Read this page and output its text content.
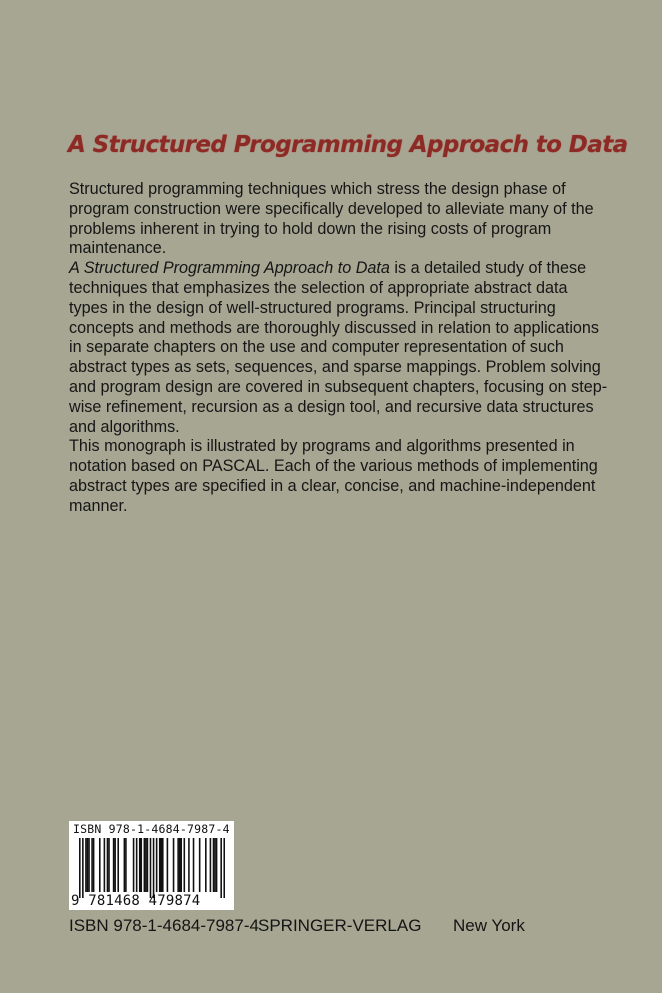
A Structured Programming Approach to Data

Structured programming techniques which stress the design phase of program construction were specifically developed to alleviate many of the problems inherent in trying to hold down the rising costs of program maintenance.

A Structured Programming Approach to Data is a detailed study of these techniques that emphasizes the selection of appropriate abstract data types in the design of well-structured programs. Principal structuring concepts and methods are thoroughly discussed in relation to applications in separate chapters on the use and computer representation of such abstract types as sets, sequences, and sparse mappings. Problem solving and program design are covered in subsequent chapters, focusing on step-wise refinement, recursion as a design tool, and recursive data structures and algorithms.

This monograph is illustrated by programs and algorithms presented in notation based on PASCAL. Each of the various methods of implementing abstract types are specified in a clear, concise, and machine-independent manner.

ISBN 978-1-4684-7987-4
9 781468 479874
ISBN 978-1-4684-7987-4 SPRINGER-VERLAG New York
